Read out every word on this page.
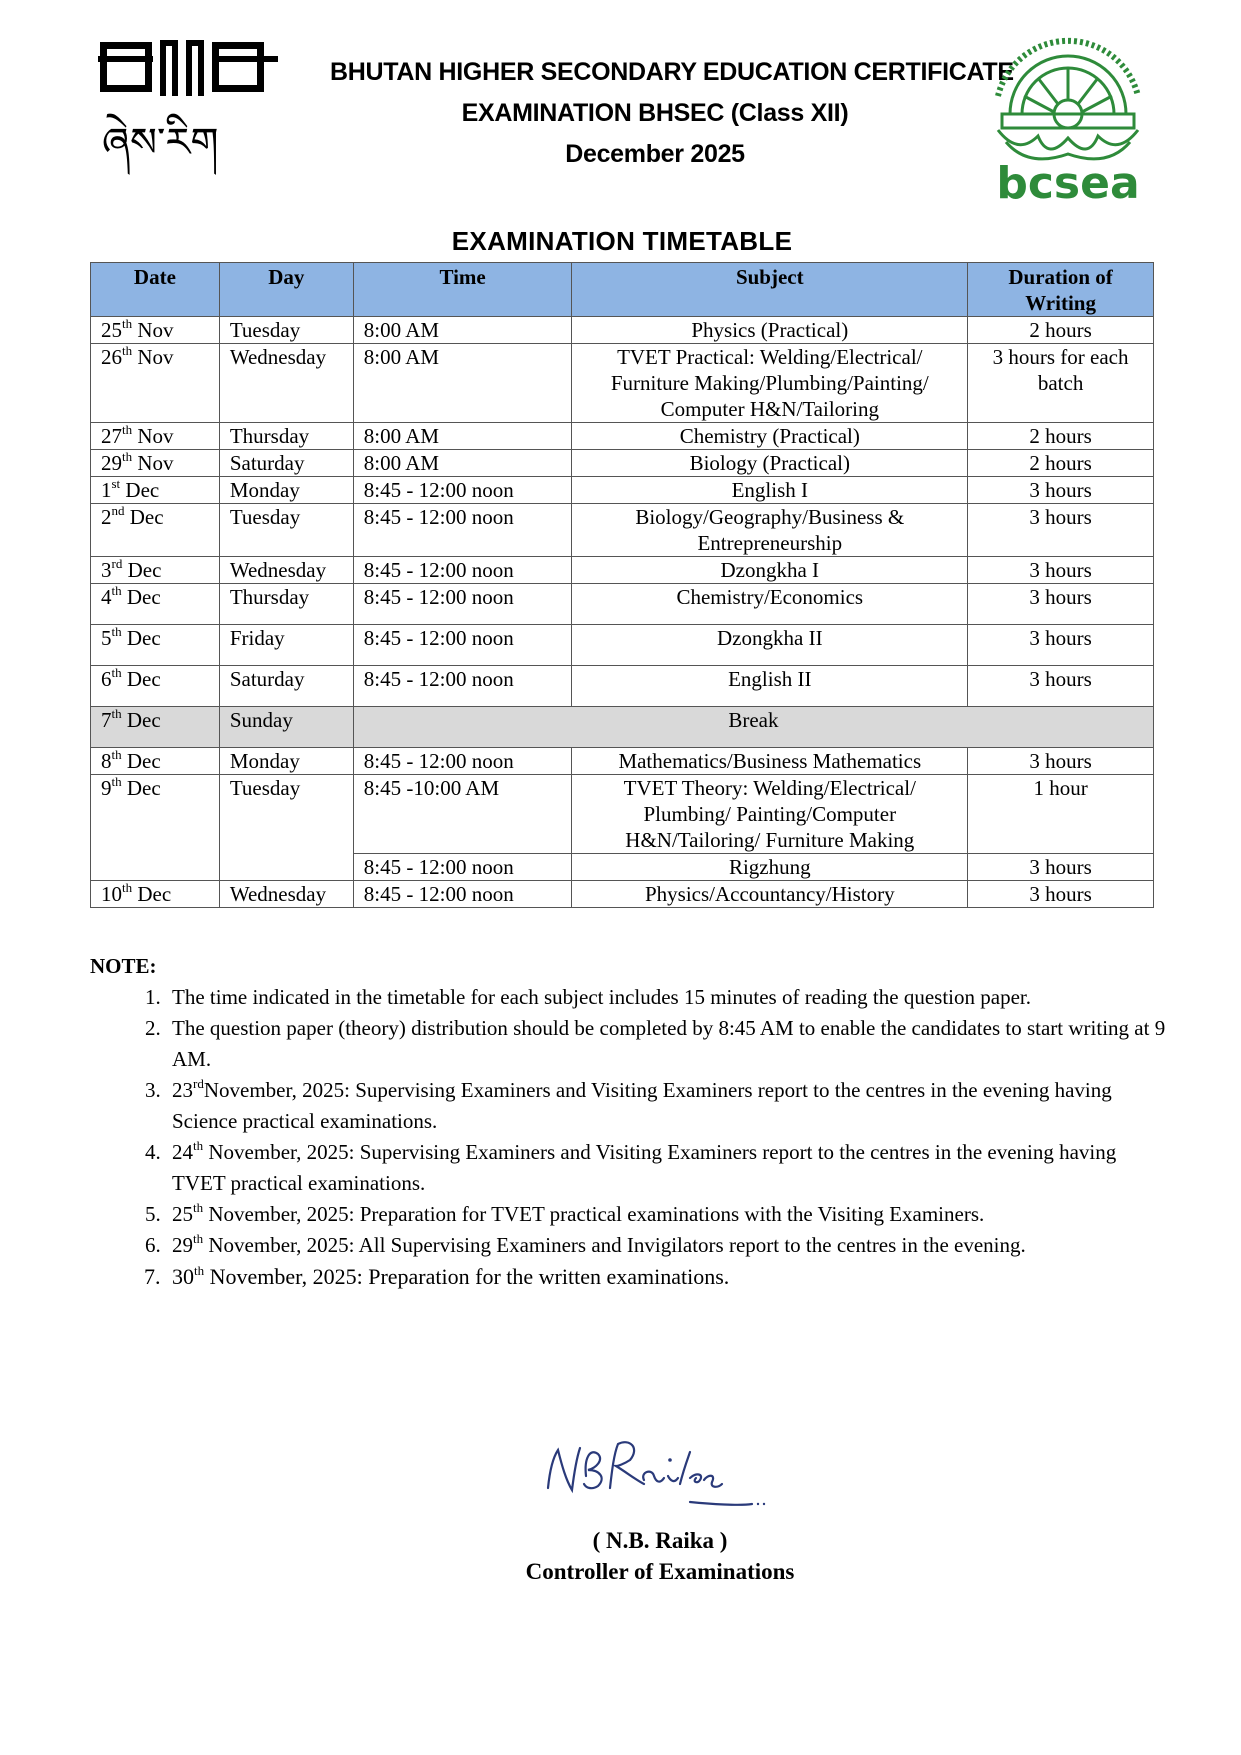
ཞེས་རིག
BHUTAN HIGHER SECONDARY EDUCATION CERTIFICATE
EXAMINATION BHSEC (Class XII)
December 2025
bcsea
EXAMINATION TIMETABLE
Date	Day	Time	Subject	Duration of Writing
25th Nov	Tuesday	8:00 AM	Physics (Practical)	2 hours
26th Nov	Wednesday	8:00 AM	TVET Practical: Welding/Electrical/ Furniture Making/Plumbing/Painting/ Computer H&N/Tailoring	3 hours for each batch
27th Nov	Thursday	8:00 AM	Chemistry (Practical)	2 hours
29th Nov	Saturday	8:00 AM	Biology (Practical)	2 hours
1st Dec	Monday	8:45 - 12:00 noon	English I	3 hours
2nd Dec	Tuesday	8:45 - 12:00 noon	Biology/Geography/Business & Entrepreneurship	3 hours
3rd Dec	Wednesday	8:45 - 12:00 noon	Dzongkha I	3 hours
4th Dec	Thursday	8:45 - 12:00 noon	Chemistry/Economics	3 hours
5th Dec	Friday	8:45 - 12:00 noon	Dzongkha II	3 hours
6th Dec	Saturday	8:45 - 12:00 noon	English II	3 hours
7th Dec	Sunday	Break		
8th Dec	Monday	8:45 - 12:00 noon	Mathematics/Business Mathematics	3 hours
9th Dec	Tuesday	8:45 -10:00 AM	TVET Theory: Welding/Electrical/ Plumbing/ Painting/Computer H&N/Tailoring/ Furniture Making	1 hour
		8:45 - 12:00 noon	Rigzhung	3 hours
10th Dec	Wednesday	8:45 - 12:00 noon	Physics/Accountancy/History	3 hours
NOTE:
1. The time indicated in the timetable for each subject includes 15 minutes of reading the question paper.
2. The question paper (theory) distribution should be completed by 8:45 AM to enable the candidates to start writing at 9 AM.
3. 23rdNovember, 2025: Supervising Examiners and Visiting Examiners report to the centres in the evening having Science practical examinations.
4. 24th November, 2025: Supervising Examiners and Visiting Examiners report to the centres in the evening having TVET practical examinations.
5. 25th November, 2025: Preparation for TVET practical examinations with the Visiting Examiners.
6. 29th November, 2025: All Supervising Examiners and Invigilators report to the centres in the evening.
7. 30th November, 2025: Preparation for the written examinations.
( N.B. Raika )
Controller of Examinations
